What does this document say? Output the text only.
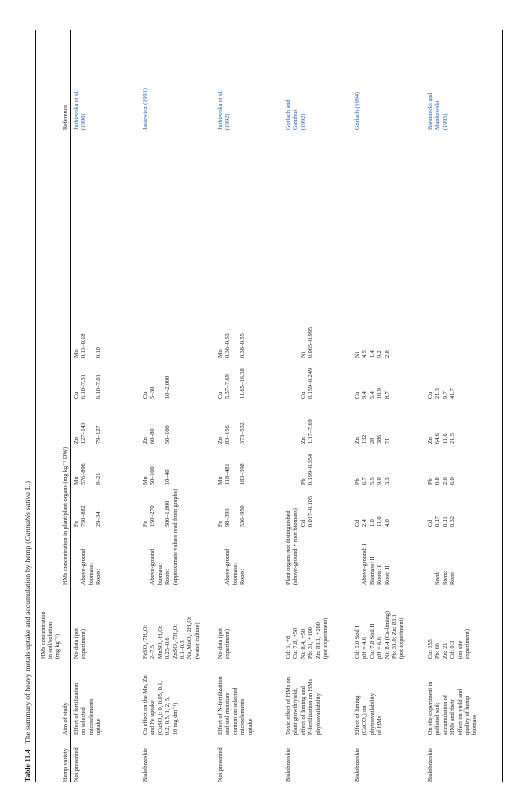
Table 11.4   The summary of heavy metals uptake and accumulation by hemp (Cannabis sativa L.)
Hemp variety
Aim of study
HMs concentration in soil/solution (mg kg⁻¹)
HMs concentration in plant/plant organs (mg kg⁻¹ DW)
Reference
Not presented
Effect of fertilization on selected microelements uptake
No data (pot experiment)
Fe
Mn
Zn
Cu
Mo
Above-ground
750–882
576–896
127–143
6.10–7.31
0.11–0.18
biomass: Roots:
29–34
8–21
79–127
6.10–7.01
0.10
Jurkowska et al. (1990)
Bialobrzeskie
Cu effect on the Mn, Zn and Fe uptake
FeSO₄·7H₂O: 2–7.5 MnSO₄·H₂O: 0.25–0.6 ZnSO₄·7H₂O: 0.1–0.3 Na₂MoO₄·2H₂O: (water culture)
(CuSO₄): 0, 0.05, 0.1, 0.2, 0.5, 1, 2, 5, 10 mg dm⁻³)
Fe
Mn
Zn
Cu
Above-ground
150–270
50–100
60–80
5–30
biomass: Roots:
500–1,800
10–40
50–100
10–2,000
(approximate values read from graphs)
Jasiewicz (1991)
Not presented
Effect of N-fertilization and soil moisture content on selected microelements uptake
No data (pot experiment)
Fe
Mn
Zn
Cu
Mo
Above-ground
98–393
118–481
83–156
5.37–7.69
0.36–0.53
biomass: Roots:
536–950
183–398
373–532
11.65–16.38
0.38–0.55
Jurkowska et al. (1992)
Bialobrzeskie
Toxic effect of HMs on plant growth/yield, effect of liming and P-fertilization on HMs phytoavailability
Cd: 1, +8 Cu: 7.8, +50 Ni: 8.4, +50 Pb: 31, +100 Zn: 83.1, +200 (pot experiment)
Plant organs not distinguished (above-ground + root biomass) Cd
Pb
Zn
Cu
Ni
0.017–0.105
0.199–0.354
1.17–7.69
0.159–0.249
0.065–0.995
Gorlach and Gambuś (1992)
Bialobrzeskie
Effect of liming (CaCO₃) on phytoavailability of HMs
Cd: 1.0 Soil I pH = 4.6 Cu: 7.8 Soil II pH = 6.6 Ni: 8.4 (Ca-liming) Pb: 31.0; Zn: 83.1 (pot experiment)
Cd
Pb
Zn
Cu
Ni
Above-ground: I
2.4
6.7
132
9.4
4.5
Biomass: II
1.0
5.5
28
5.4
1.4
Roots: I
11.0
9.0
386
10.9
9.2
Root: II
4.0
3.3
71
8.7
2.8
Gorlach (1994)
Bialobrzeskie
On site experiment in polluted soil; accumulation of HMs and their effect on yield and quality of hemp biomass
Cu: 155 Pb: 66 Zn: 21 Cd: 0.3 (on site experiment)
Cd
Pb
Zn
Cu
Seed:
0.17
0.8
64.6
21.3
Stem:
0.11
2.0
11.6
9.7
Root:
0.32
6.0
21.5
41.7
Baraniecki and Mankowski (1995)
